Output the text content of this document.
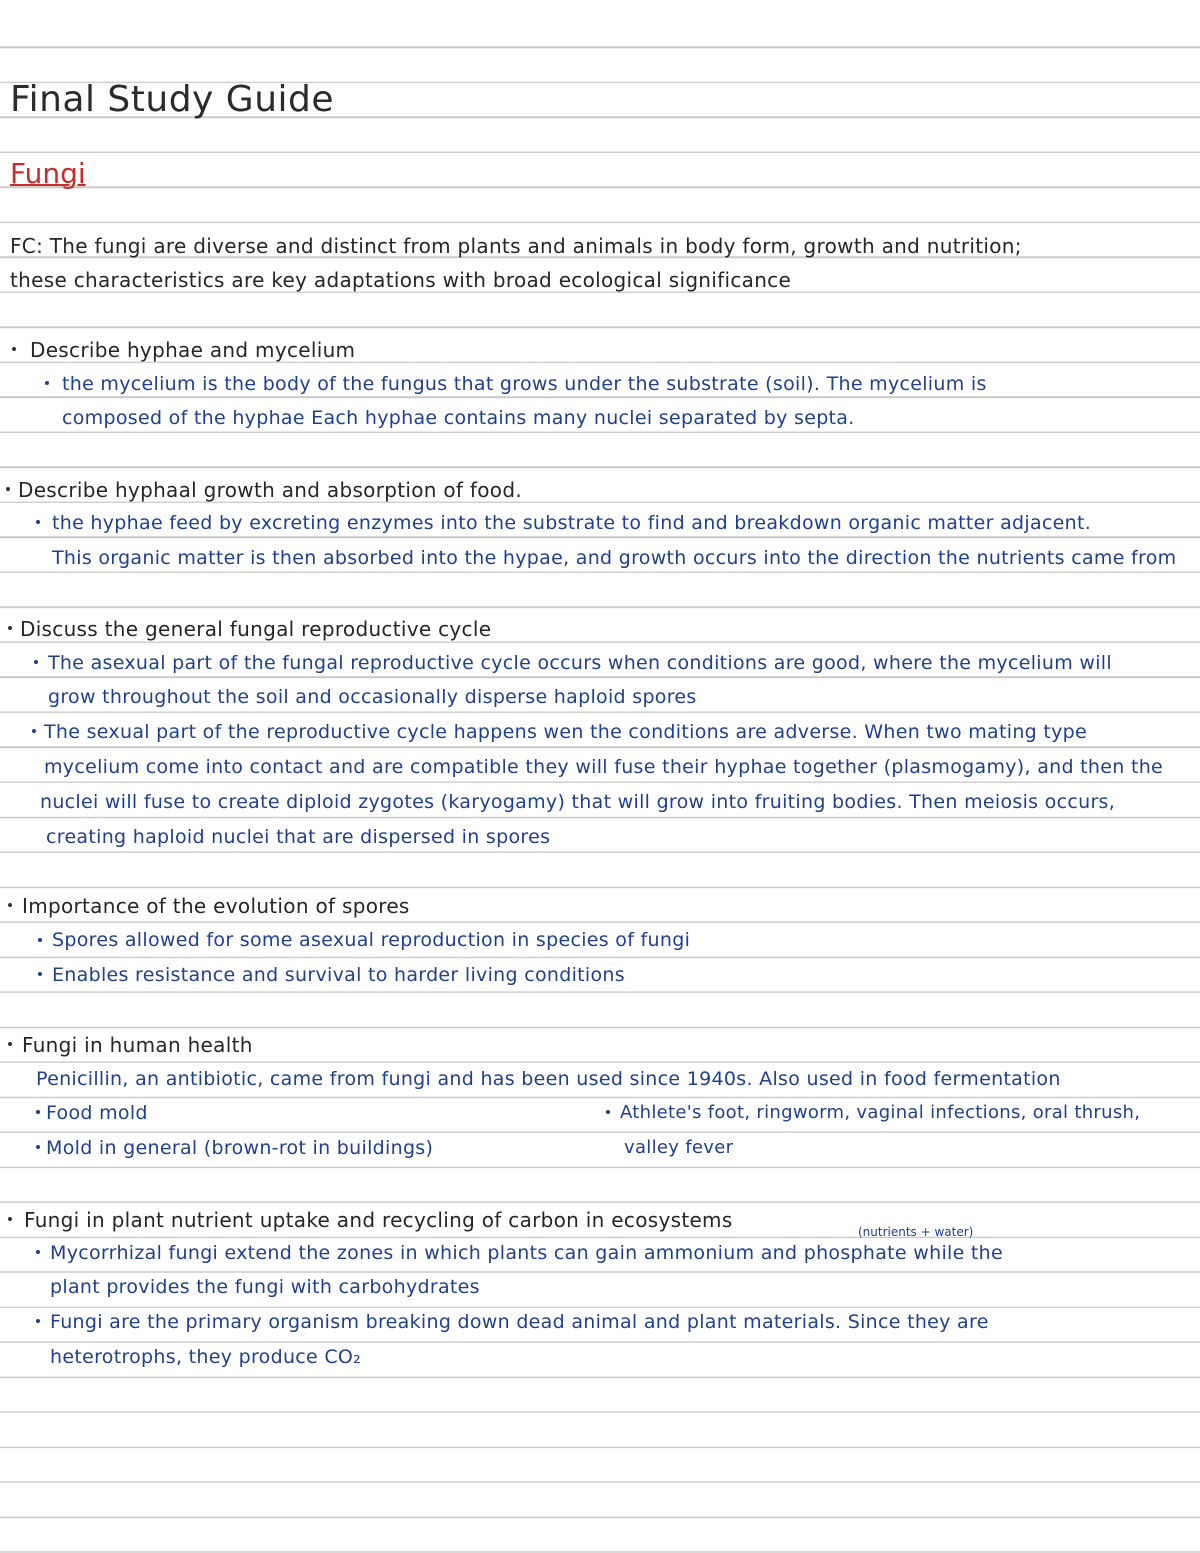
Final Study Guide
Fungi
FC: The fungi are diverse and distinct from plants and animals in body form, growth and nutrition;
these characteristics are key adaptations with broad ecological significance
Describe hyphae and mycelium
the mycelium is the body of the fungus that grows under the substrate (soil). The mycelium is
composed of the hyphae Each hyphae contains many nuclei separated by septa.
Describe hyphaal growth and absorption of food.
the hyphae feed by excreting enzymes into the substrate to find and breakdown organic matter adjacent.
This organic matter is then absorbed into the hypae, and growth occurs into the direction the nutrients came from
Discuss the general fungal reproductive cycle
The asexual part of the fungal reproductive cycle occurs when conditions are good, where the mycelium will
grow throughout the soil and occasionally disperse haploid spores
The sexual part of the reproductive cycle happens wen the conditions are adverse. When two mating type
mycelium come into contact and are compatible they will fuse their hyphae together (plasmogamy), and then the
nuclei will fuse to create diploid zygotes (karyogamy) that will grow into fruiting bodies. Then meiosis occurs,
creating haploid nuclei that are dispersed in spores
Importance of the evolution of spores
Spores allowed for some asexual reproduction in species of fungi
Enables resistance and survival to harder living conditions
Fungi in human health
Penicillin, an antibiotic, came from fungi and has been used since 1940s. Also used in food fermentation
Food mold
Mold in general (brown-rot in buildings)
Athlete's foot, ringworm, vaginal infections, oral thrush,
valley fever
Fungi in plant nutrient uptake and recycling of carbon in ecosystems	(nutrients + water)
Mycorrhizal fungi extend the zones in which plants can gain ammonium and phosphate while the
plant provides the fungi with carbohydrates
Fungi are the primary organism breaking down dead animal and plant materials. Since they are
heterotrophs, they produce CO₂
